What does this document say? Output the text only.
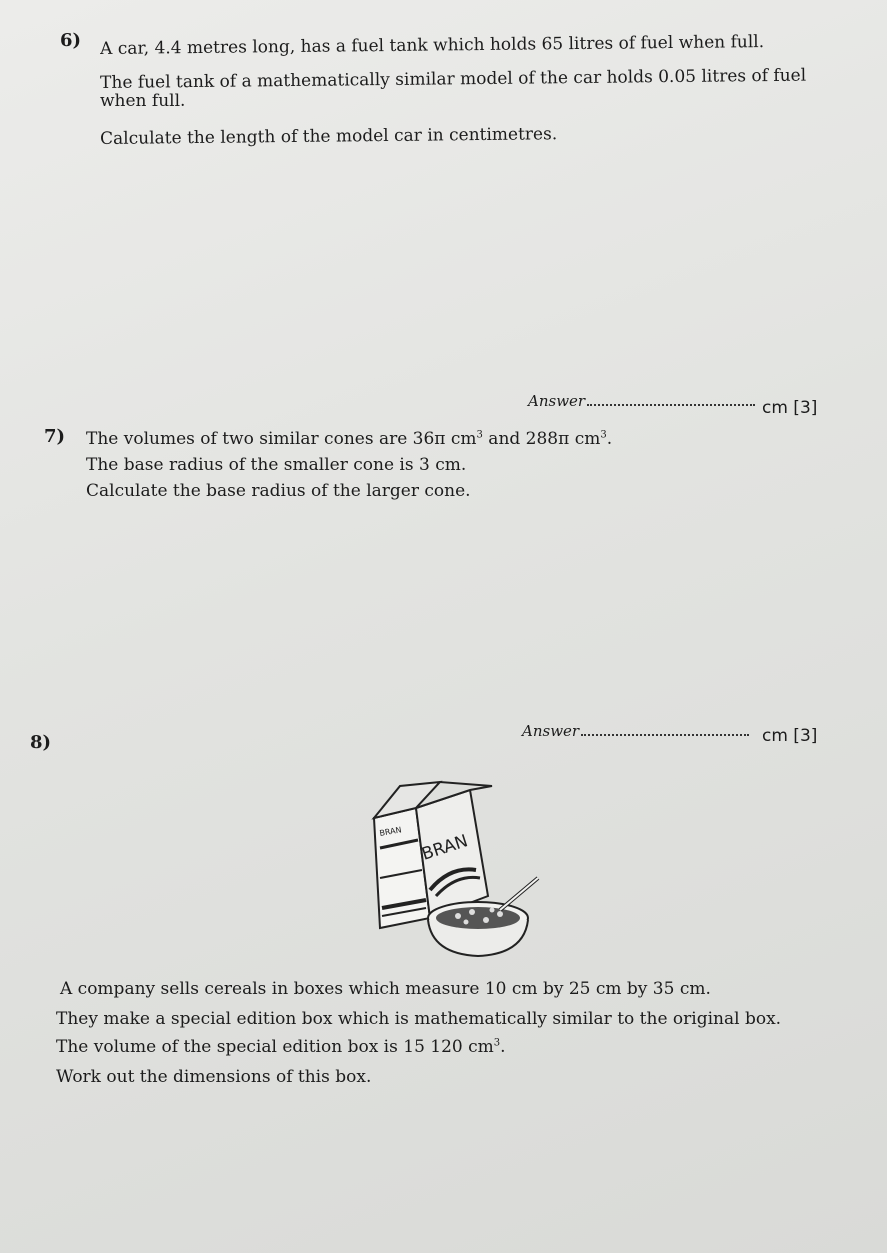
6) A car, 4.4 metres long, has a fuel tank which holds 65 litres of fuel when full.
The fuel tank of a mathematically similar model of the car holds 0.05 litres of fuel
when full.
Calculate the length of the model car in centimetres.
Answer	cm [3]
7) The volumes of two similar cones are 36π $cm^3$ and 288π $cm^3$.
The base radius of the smaller cone is 3 cm.
Calculate the base radius of the larger cone.
Answer	cm [3]
8)
BRAN BRAN
A company sells cereals in boxes which measure 10 cm by 25 cm by 35 cm.
They make a special edition box which is mathematically similar to the original box.
The volume of the special edition box is 15 120 $cm^3$.
Work out the dimensions of this box.
